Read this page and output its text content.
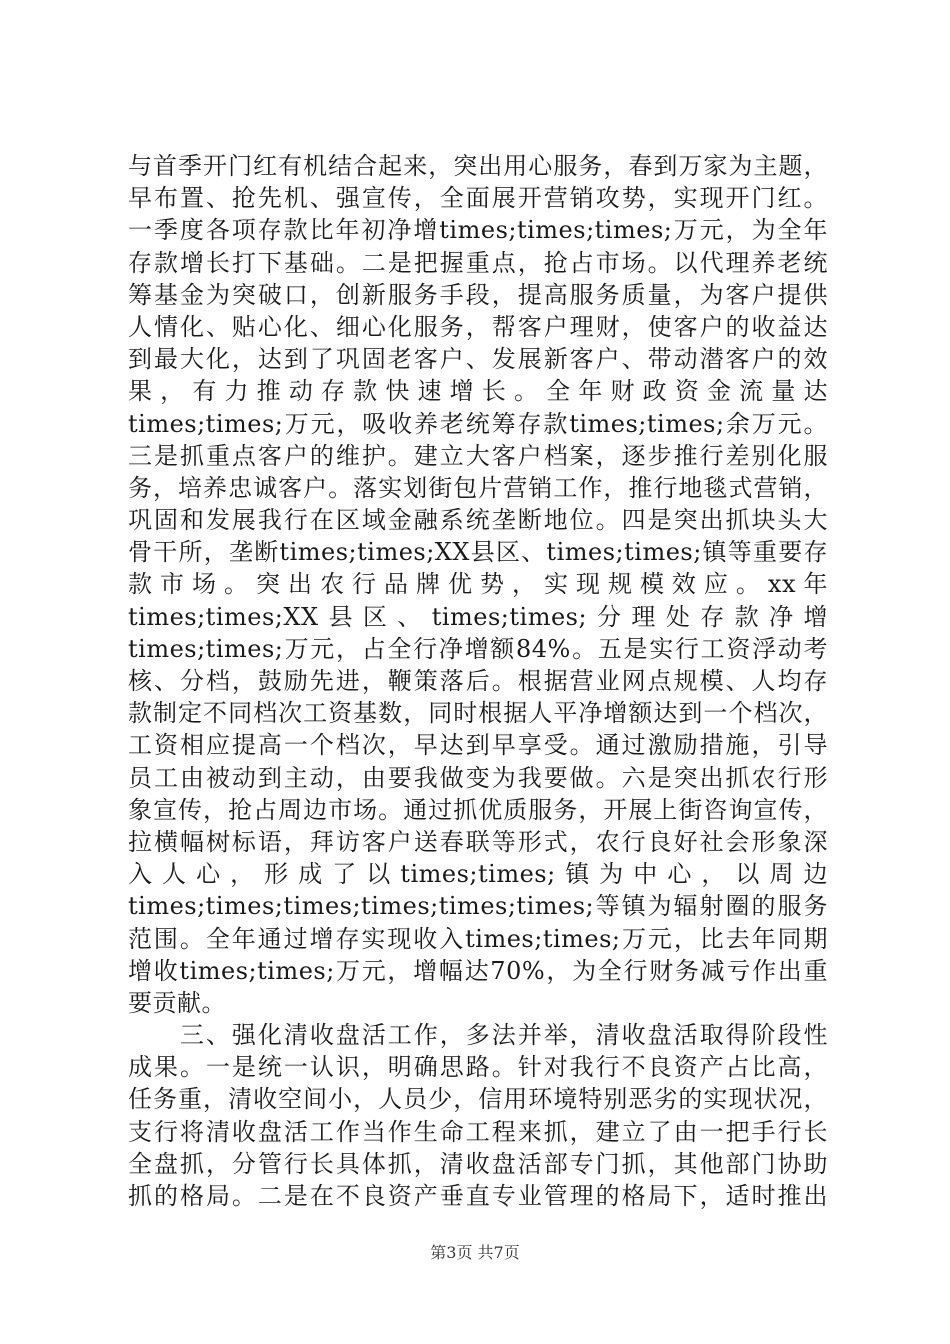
与首季开门红有机结合起来，突出用心服务，春到万家为主题，
早布置、抢先机、强宣传，全面展开营销攻势，实现开门红。
一季度各项存款比年初净增times;times;times;万元，为全年
存款增长打下基础。二是把握重点，抢占市场。以代理养老统
筹基金为突破口，创新服务手段，提高服务质量，为客户提供
人情化、贴心化、细心化服务，帮客户理财，使客户的收益达
到最大化，达到了巩固老客户、发展新客户、带动潜客户的效
果，有力推动存款快速增长。全年财政资金流量达
times;times;万元，吸收养老统筹存款times;times;余万元。
三是抓重点客户的维护。建立大客户档案，逐步推行差别化服
务，培养忠诚客户。落实划街包片营销工作，推行地毯式营销，
巩固和发展我行在区域金融系统垄断地位。四是突出抓块头大
骨干所，垄断times;times;XX县区、times;times;镇等重要存
款市场。突出农行品牌优势，实现规模效应。xx年
times;times;XX县区、times;times;分理处存款净增
times;times;万元，占全行净增额84%。五是实行工资浮动考
核、分档，鼓励先进，鞭策落后。根据营业网点规模、人均存
款制定不同档次工资基数，同时根据人平净增额达到一个档次，
工资相应提高一个档次，早达到早享受。通过激励措施，引导
员工由被动到主动，由要我做变为我要做。六是突出抓农行形
象宣传，抢占周边市场。通过抓优质服务，开展上街咨询宣传，
拉横幅树标语，拜访客户送春联等形式，农行良好社会形象深
入人心，形成了以times;times;镇为中心，以周边
times;times;times;times;times;times;等镇为辐射圈的服务
范围。全年通过增存实现收入times;times;万元，比去年同期
增收times;times;万元，增幅达70%，为全行财务减亏作出重
要贡献。
　　三、强化清收盘活工作，多法并举，清收盘活取得阶段性
成果。一是统一认识，明确思路。针对我行不良资产占比高，
任务重，清收空间小，人员少，信用环境特别恶劣的实现状况，
支行将清收盘活工作当作生命工程来抓，建立了由一把手行长
全盘抓，分管行长具体抓，清收盘活部专门抓，其他部门协助
抓的格局。二是在不良资产垂直专业管理的格局下，适时推出
第3页 共7页
